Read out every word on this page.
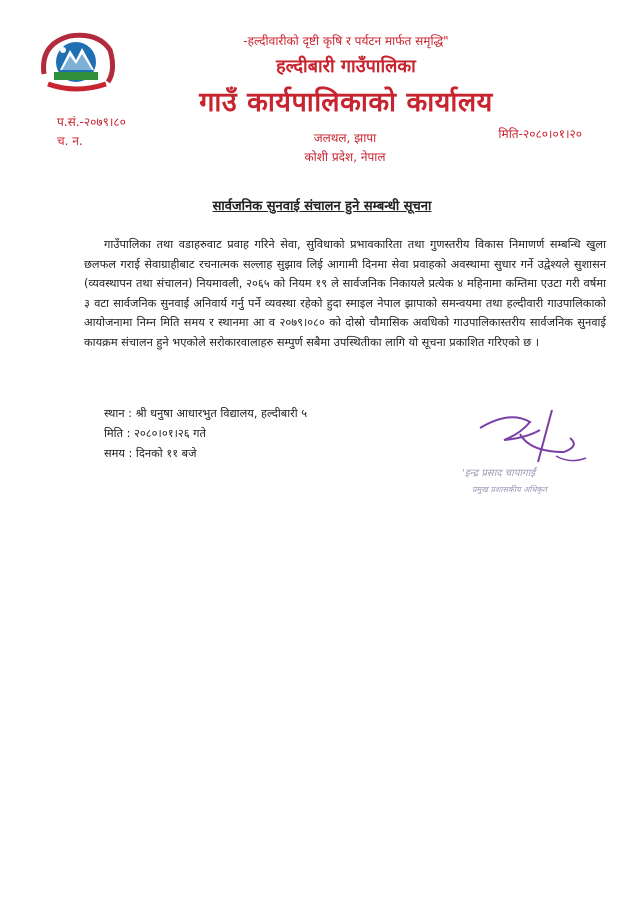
-हल्दीवारीको दृष्टी कृषि र पर्यटन मार्फत समृद्धि"
हल्दीबारी गाउँपालिका
गाउँ कार्यपालिकाको कार्यालय
जलथल, झापा
कोशी प्रदेश, नेपाल
प.सं.-२०७९।८०
च. न.	मिति-२०८०।०१।२०
सार्वजनिक सुनवाई संचालन हुने सम्बन्धी सूचना
गाउँपालिका तथा वडाहरुवाट प्रवाह गरिने सेवा, सुविधाको प्रभावकारिता तथा गुणस्तरीय विकास निमाणर्ण सम्बन्धि खुला छलफल गराई सेवाग्राहीबाट रचनात्मक सल्लाह सुझाव लिई आगामी दिनमा सेवा प्रवाहको अवस्थामा सुधार गर्ने उद्वेश्यले सुशासन (व्यवस्थापन तथा संचालन) नियमावली, २०६५ को नियम १९ ले सार्वजनिक निकायले प्रत्येक ४ महिनामा कम्तिमा एउटा गरी वर्षमा ३ वटा सार्वजनिक सुनवाई अनिवार्य गर्नु पर्ने व्यवस्था रहेको हुदा स्माइल नेपाल झापाको समन्वयमा तथा हल्दीवारी गाउपालिकाको आयोजनामा निम्न मिति समय र स्थानमा आ व २०७९।०८० को दोस्रो चौमासिक अवधिको गाउपालिकास्तरीय सार्वजनिक सुनवाई कायक्रम संचालन हुने भएकोले सरोकारवालाहरु सम्पुर्ण सबैमा उपस्थितीका लागि यो सूचना प्रकाशित गरिएको छ ।
स्थान : श्री धनुषा आधारभुत विद्यालय, हल्दीबारी ५
मिति : २०८०।०१।२६ गते
समय : दिनको ११ बजे
'इन्द्र प्रसाद चापागाईं
प्रमुख प्रशासकीय अधिकृत
